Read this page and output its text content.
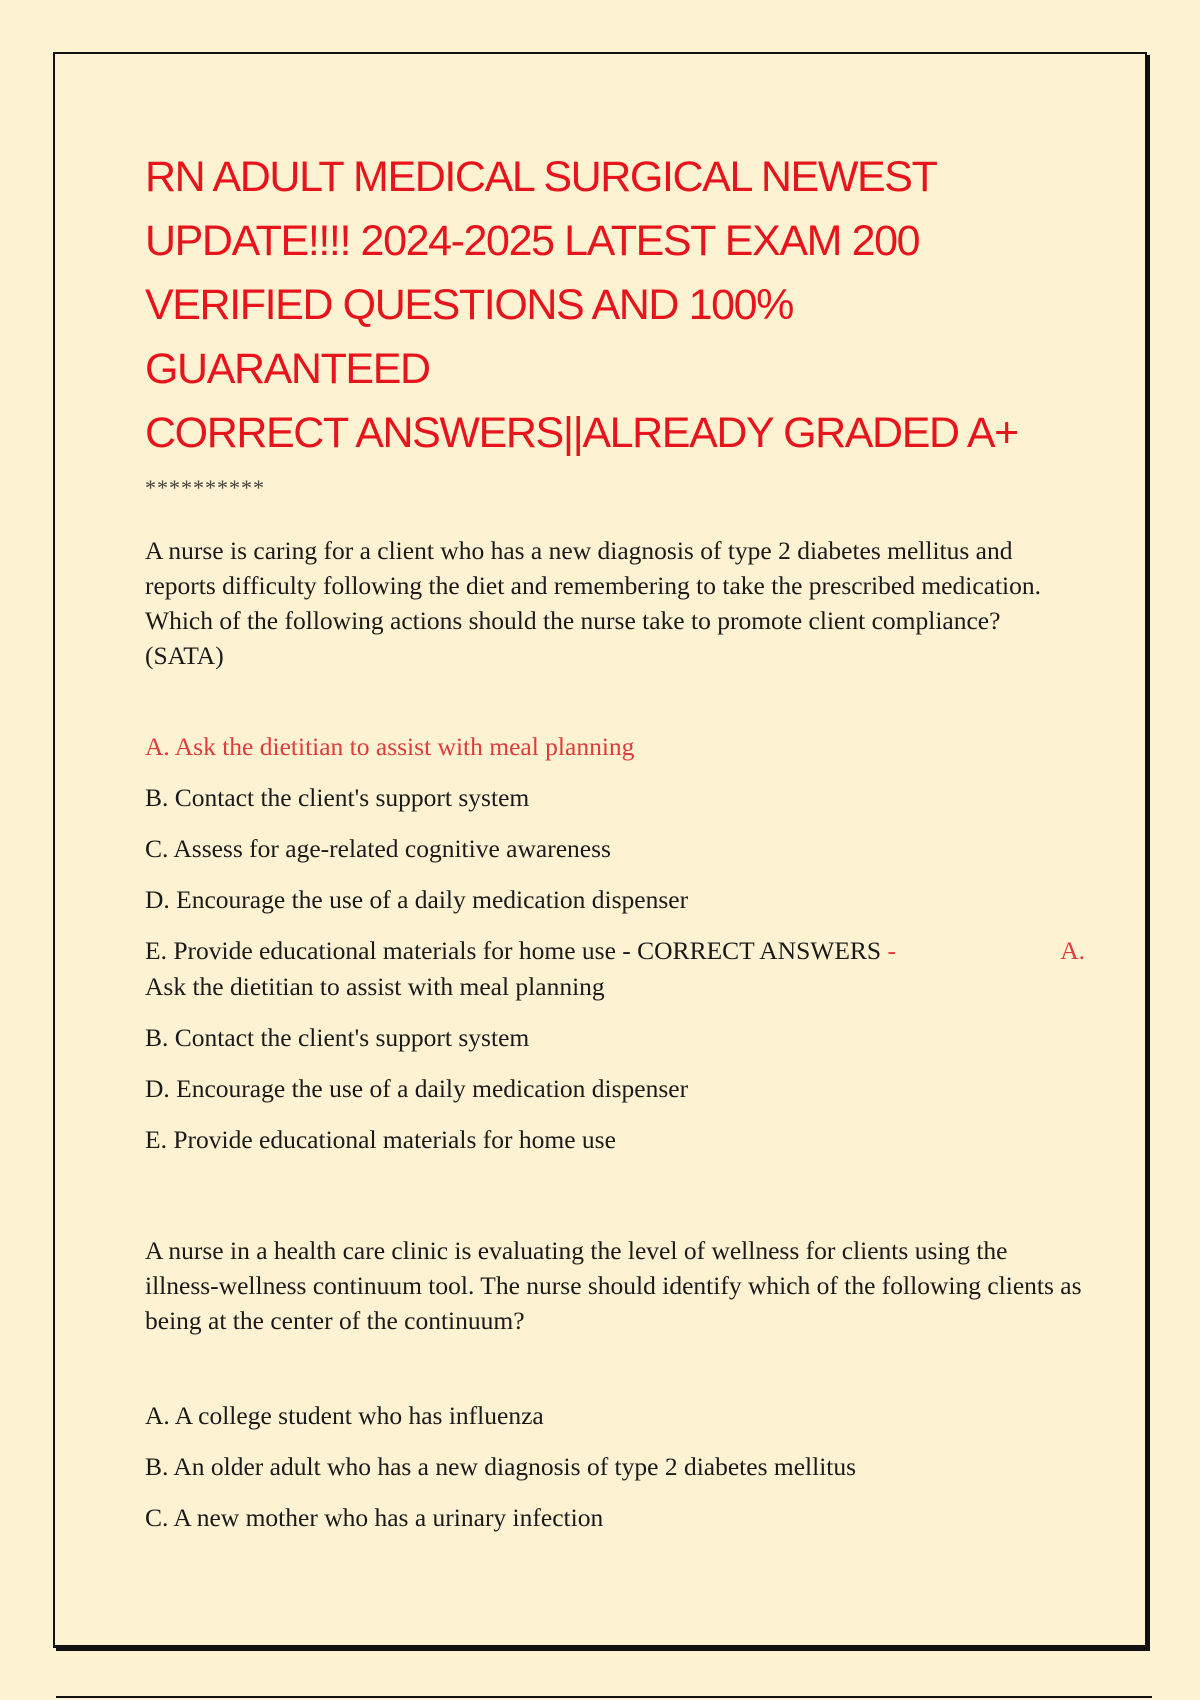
RN ADULT MEDICAL SURGICAL NEWEST
UPDATE!!!! 2024-2025 LATEST EXAM 200
VERIFIED QUESTIONS AND 100% GUARANTEED
CORRECT ANSWERS||ALREADY GRADED A+
**********

A nurse is caring for a client who has a new diagnosis of type 2 diabetes mellitus and reports difficulty following the diet and remembering to take the prescribed medication. Which of the following actions should the nurse take to promote client compliance? (SATA)

A. Ask the dietitian to assist with meal planning

B. Contact the client's support system

C. Assess for age-related cognitive awareness

D. Encourage the use of a daily medication dispenser

A.
E. Provide educational materials for home use - CORRECT ANSWERS -
Ask the dietitian to assist with meal planning

B. Contact the client's support system

D. Encourage the use of a daily medication dispenser

E. Provide educational materials for home use

A nurse in a health care clinic is evaluating the level of wellness for clients using the illness-wellness continuum tool. The nurse should identify which of the following clients as being at the center of the continuum?

A. A college student who has influenza

B. An older adult who has a new diagnosis of type 2 diabetes mellitus

C. A new mother who has a urinary infection
